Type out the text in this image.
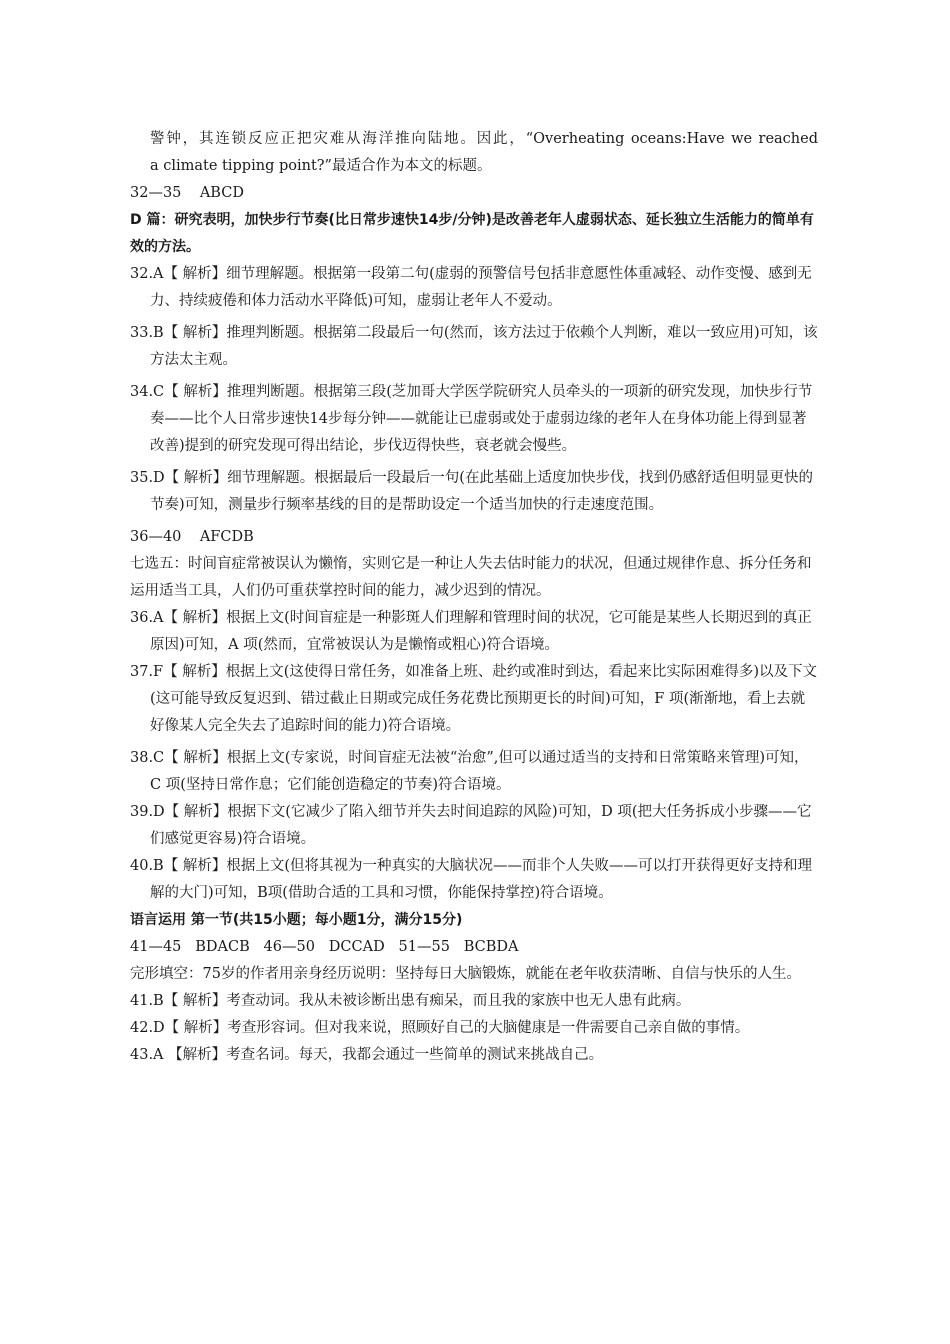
警钟，其连锁反应正把灾难从海洋推向陆地。因此，“Overheating oceans:Have we reached

a climate tipping point?”最适合作为本文的标题。

32—35    ABCD

D 篇：研究表明，加快步行节奏(比日常步速快14步/分钟)是改善老年人虚弱状态、延长独立生活能力的简单有效的方法。

32.A【 解析】细节理解题。根据第一段第二句(虚弱的预警信号包括非意愿性体重减轻、动作变慢、感到无力、持续疲倦和体力活动水平降低)可知，虚弱让老年人不爱动。

33.B【 解析】推理判断题。根据第二段最后一句(然而，该方法过于依赖个人判断，难以一致应用)可知，该方法太主观。

34.C【 解析】推理判断题。根据第三段(芝加哥大学医学院研究人员牵头的一项新的研究发现，加快步行节奏——比个人日常步速快14步每分钟——就能让已虚弱或处于虚弱边缘的老年人在身体功能上得到显著改善)提到的研究发现可得出结论，步伐迈得快些，衰老就会慢些。

35.D【 解析】细节理解题。根据最后一段最后一句(在此基础上适度加快步伐，找到仍感舒适但明显更快的节奏)可知，测量步行频率基线的目的是帮助设定一个适当加快的行走速度范围。

36—40    AFCDB

七选五：时间盲症常被误认为懒惰，实则它是一种让人失去估时能力的状况，但通过规律作息、拆分任务和运用适当工具，人们仍可重获掌控时间的能力，减少迟到的情况。

36.A【 解析】根据上文(时间盲症是一种影斑人们理解和管理时间的状况，它可能是某些人长期迟到的真正原因)可知，A 项(然而，宜常被误认为是懒惰或粗心)符合语境。

37.F【 解析】根据上文(这使得日常任务，如准备上班、赴约或准时到达，看起来比实际困难得多)以及下文(这可能导致反复迟到、错过截止日期或完成任务花费比预期更长的时间)可知，F 项(渐渐地，看上去就好像某人完全失去了追踪时间的能力)符合语境。

38.C【 解析】根据上文(专家说，时间盲症无法被“治愈”,但可以通过适当的支持和日常策略来管理)可知，C 项(坚持日常作息；它们能创造稳定的节奏)符合语境。

39.D【 解析】根据下文(它减少了陷入细节并失去时间追踪的风险)可知，D 项(把大任务拆成小步骤——它们感觉更容易)符合语境。

40.B【 解析】根据上文(但将其视为一种真实的大脑状况——而非个人失败——可以打开获得更好支持和理解的大门)可知，B项(借助合适的工具和习惯，你能保持掌控)符合语境。

语言运用 第一节(共15小题；每小题1分，满分15分)

41—45   BDACB   46—50   DCCAD   51—55   BCBDA

完形填空：75岁的作者用亲身经历说明：坚持每日大脑锻炼，就能在老年收获清晰、自信与快乐的人生。

41.B【 解析】考查动词。我从未被诊断出患有痴呆，而且我的家族中也无人患有此病。

42.D【 解析】考查形容词。但对我来说，照顾好自己的大脑健康是一件需要自己亲自做的事情。

43.A 【解析】考查名词。每天，我都会通过一些简单的测试来挑战自己。
